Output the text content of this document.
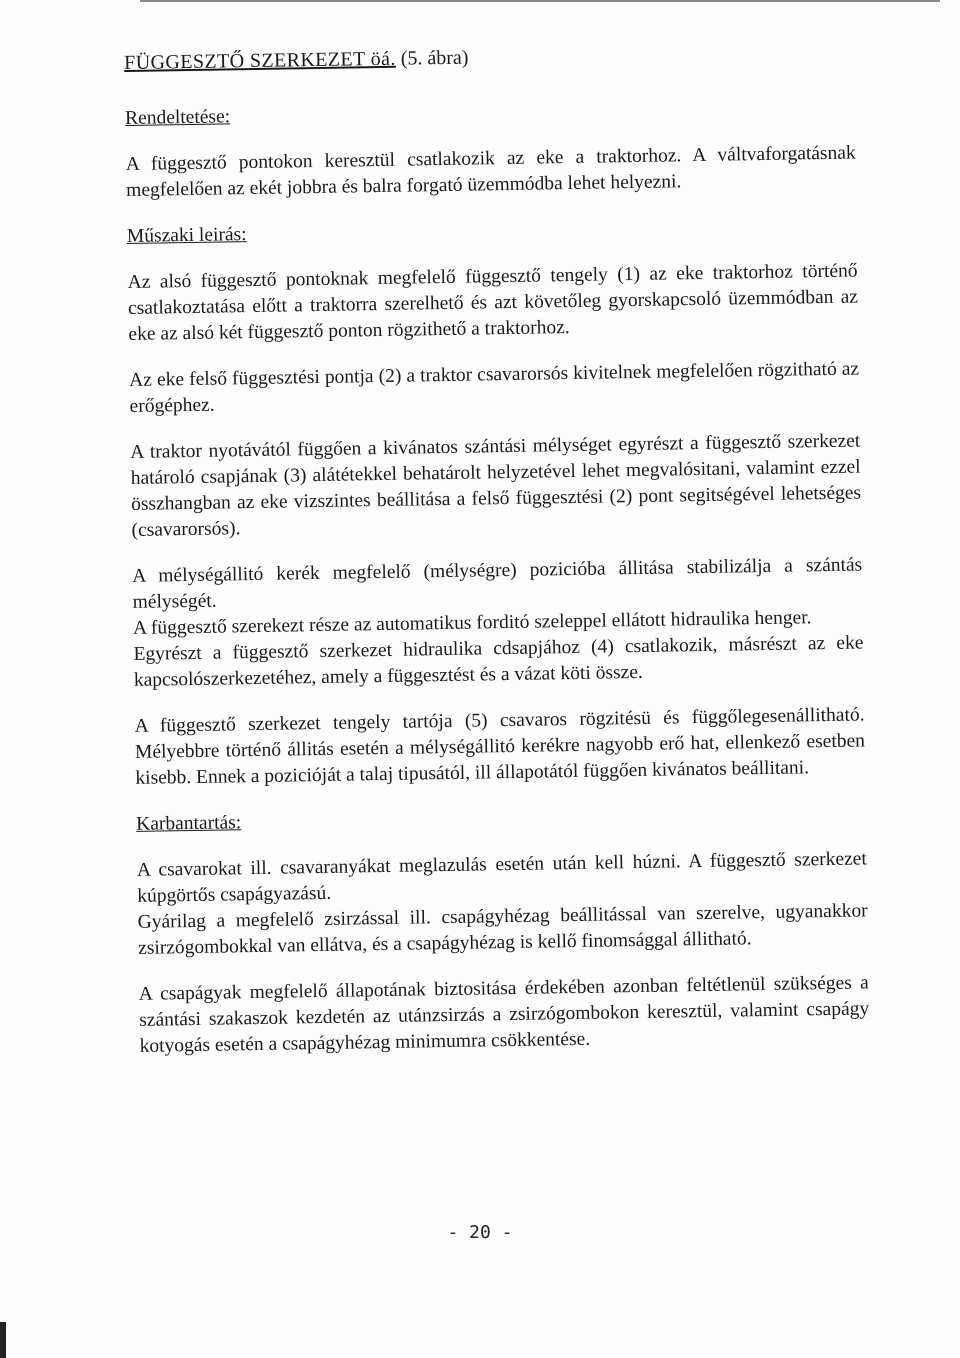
FÜGGESZTŐ SZERKEZET öá. (5. ábra)
Rendeltetése:
A függesztő pontokon keresztül csatlakozik az eke a traktorhoz. A váltvaforgatásnak megfelelően az ekét jobbra és balra forgató üzemmódba lehet helyezni.
Műszaki leirás:
Az alsó függesztő pontoknak megfelelő függesztő tengely (1) az eke traktorhoz történő csatlakoztatása előtt a traktorra szerelhető és azt követőleg gyorskapcsoló üzemmódban az eke az alsó két függesztő ponton rögzithető a traktorhoz.
Az eke felső függesztési pontja (2) a traktor csavarorsós kivitelnek megfelelően rögzitható az erőgéphez.
A traktor nyotávától függően a kivánatos szántási mélységet egyrészt a függesztő szerkezet határoló csapjának (3) alátétekkel behatárolt helyzetével lehet megvalósitani, valamint ezzel összhangban az eke vizszintes beállitása a felső függesztési (2) pont segitségével lehetséges (csavarorsós).
A mélységállitó kerék megfelelő (mélységre) pozicióba állitása stabilizálja a szántás mélységét.
A függesztő szerekezt része az automatikus forditó szeleppel ellátott hidraulika henger.
Egyrészt a függesztő szerkezet hidraulika cdsapjához (4) csatlakozik, másrészt az eke kapcsolószerkezetéhez, amely a függesztést és a vázat köti össze.
A függesztő szerkezet tengely tartója (5) csavaros rögzitésü és függőlegesenállitható. Mélyebbre történő állitás esetén a mélységállitó kerékre nagyobb erő hat, ellenkező esetben kisebb. Ennek a pozicióját a talaj tipusától, ill állapotától függően kivánatos beállitani.
Karbantartás:
A csavarokat ill. csavaranyákat meglazulás esetén után kell húzni. A függesztő szerkezet kúpgörtős csapágyazású.
Gyárilag a megfelelő zsirzással ill. csapágyhézag beállitással van szerelve, ugyanakkor zsirzógombokkal van ellátva, és a csapágyhézag is kellő finomsággal állitható.
A csapágyak megfelelő állapotának biztositása érdekében azonban feltétlenül szükséges a szántási szakaszok kezdetén az utánzsirzás a zsirzógombokon keresztül, valamint csapágy kotyogás esetén a csapágyhézag minimumra csökkentése.
- 20 -
